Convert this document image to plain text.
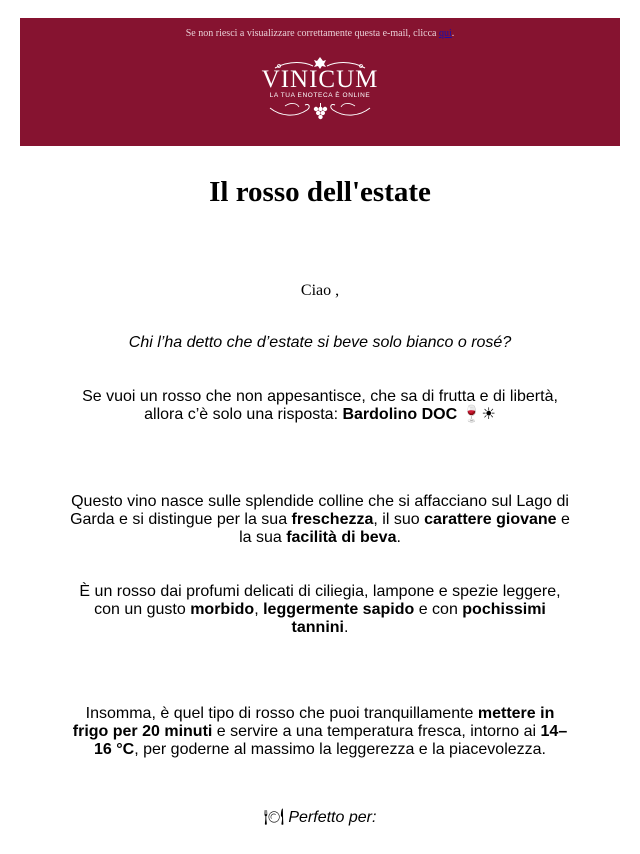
Se non riesci a visualizzare correttamente questa e-mail, clicca qui.
VINICUM
LA TUA ENOTECA È ONLINE
Il rosso dell'estate

Ciao ,

Chi l’ha detto che d’estate si beve solo bianco o rosé?

Se vuoi un rosso che non appesantisce, che sa di frutta e di libertà, allora c’è solo una risposta: Bardolino DOC 🍷☀

Questo vino nasce sulle splendide colline che si affacciano sul Lago di Garda e si distingue per la sua freschezza, il suo carattere giovane e la sua facilità di beva.

È un rosso dai profumi delicati di ciliegia, lampone e spezie leggere, con un gusto morbido, leggermente sapido e con pochissimi tannini.

Insomma, è quel tipo di rosso che puoi tranquillamente mettere in frigo per 20 minuti e servire a una temperatura fresca, intorno ai 14–16 °C, per goderne al massimo la leggerezza e la piacevolezza.

🍽 Perfetto per:
